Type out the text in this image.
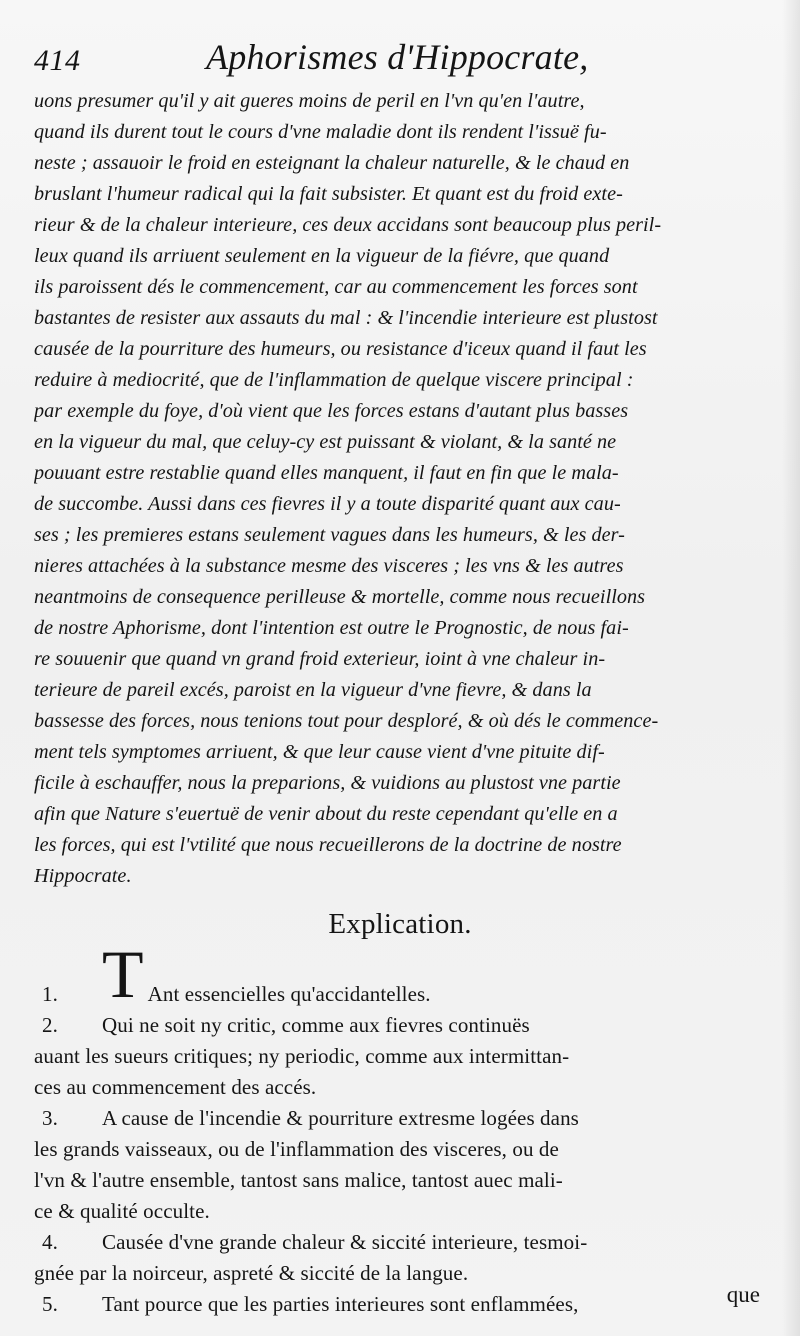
414	Aphorismes d'Hippocrate,
uons presumer qu'il y ait gueres moins de peril en l'vn qu'en l'autre,
quand ils durent tout le cours d'vne maladie dont ils rendent l'issuë fu-
neste ; assauoir le froid en esteignant la chaleur naturelle, & le chaud en
bruslant l'humeur radical qui la fait subsister. Et quant est du froid exte-
rieur & de la chaleur interieure, ces deux accidans sont beaucoup plus peril-
leux quand ils arriuent seulement en la vigueur de la fiévre, que quand
ils paroissent dés le commencement, car au commencement les forces sont
bastantes de resister aux assauts du mal : & l'incendie interieure est plustost
causée de la pourriture des humeurs, ou resistance d'iceux quand il faut les
reduire à mediocrité, que de l'inflammation de quelque viscere principal :
par exemple du foye, d'où vient que les forces estans d'autant plus basses
en la vigueur du mal, que celuy-cy est puissant & violant, & la santé ne
pouuant estre restablie quand elles manquent, il faut en fin que le mala-
de succombe. Aussi dans ces fievres il y a toute disparité quant aux cau-
ses ; les premieres estans seulement vagues dans les humeurs, & les der-
nieres attachées à la substance mesme des visceres ; les vns & les autres
neantmoins de consequence perilleuse & mortelle, comme nous recueillons
de nostre Aphorisme, dont l'intention est outre le Prognostic, de nous fai-
re souuenir que quand vn grand froid exterieur, ioint à vne chaleur in-
terieure de pareil excés, paroist en la vigueur d'vne fievre, & dans la
bassesse des forces, nous tenions tout pour desploré, & où dés le commence-
ment tels symptomes arriuent, & que leur cause vient d'vne pituite dif-
ficile à eschauffer, nous la preparions, & vuidions au plustost vne partie
afin que Nature s'euertuë de venir about du reste cependant qu'elle en a
les forces, qui est l'vtilité que nous recueillerons de la doctrine de nostre
Hippocrate.
Explication.
1. T Ant essencielles qu'accidantelles.
2.	Qui ne soit ny critic, comme aux fievres continuës
auant les sueurs critiques; ny periodic, comme aux intermittan-
ces au commencement des accés.
3.	A cause de l'incendie & pourriture extresme logées dans
les grands vaisseaux, ou de l'inflammation des visceres, ou de
l'vn & l'autre ensemble, tantost sans malice, tantost auec mali-
ce & qualité occulte.
4.	Causée d'vne grande chaleur & siccité interieure, tesmoi-
gnée par la noirceur, aspreté & siccité de la langue.
5.	Tant pource que les parties interieures sont enflammées,	que
